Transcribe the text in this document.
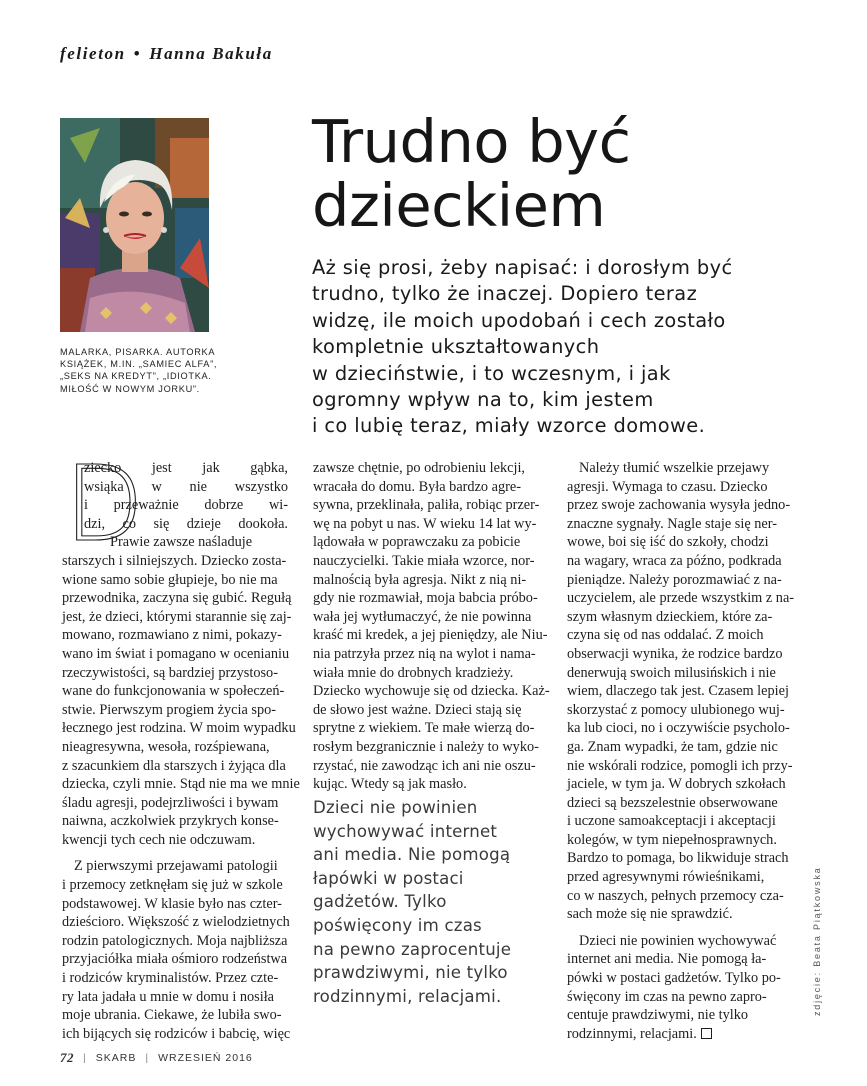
felieton • Hanna Bakuła
MALARKA, PISARKA. AUTORKA
KSIĄŻEK, M.IN. „SAMIEC ALFA”,
„SEKS NA KREDYT”, „IDIOTKA.
MIŁOŚĆ W NOWYM JORKU”.
Trudno być
dzieckiem
Aż się prosi, żeby napisać: i dorosłym być
trudno, tylko że inaczej. Dopiero teraz
widzę, ile moich upodobań i cech zostało
kompletnie ukształtowanych
w dzieciństwie, i to wczesnym, i jak
ogromny wpływ na to, kim jestem
i co lubię teraz, miały wzorce domowe.
D
ziecko jest jak gąbka,
wsiąka w nie wszystko
i przeważnie dobrze wi-
dzi, co się dzieje dookoła.
Prawie zawsze naśladuje
starszych i silniejszych. Dziecko zosta-
wione samo sobie głupieje, bo nie ma
przewodnika, zaczyna się gubić. Regułą
jest, że dzieci, którymi starannie się zaj-
mowano, rozmawiano z nimi, pokazy-
wano im świat i pomagano w ocenianiu
rzeczywistości, są bardziej przystoso-
wane do funkcjonowania w społeczeń-
stwie. Pierwszym progiem życia spo-
łecznego jest rodzina. W moim wypadku
nieagresywna, wesoła, rozśpiewana,
z szacunkiem dla starszych i żyjąca dla
dziecka, czyli mnie. Stąd nie ma we mnie
śladu agresji, podejrzliwości i bywam
naiwna, aczkolwiek przykrych konse-
kwencji tych cech nie odczuwam.
Z pierwszymi przejawami patologii
i przemocy zetknęłam się już w szkole
podstawowej. W klasie było nas czter-
dzieścioro. Większość z wielodzietnych
rodzin patologicznych. Moja najbliższa
przyjaciółka miała ośmioro rodzeństwa
i rodziców kryminalistów. Przez czte-
ry lata jadała u mnie w domu i nosiła
moje ubrania. Ciekawe, że lubiła swo-
ich bijących się rodziców i babcię, więc
zawsze chętnie, po odrobieniu lekcji,
wracała do domu. Była bardzo agre-
sywna, przeklinała, paliła, robiąc przer-
wę na pobyt u nas. W wieku 14 lat wy-
lądowała w poprawczaku za pobicie
nauczycielki. Takie miała wzorce, nor-
malnością była agresja. Nikt z nią ni-
gdy nie rozmawiał, moja babcia próbo-
wała jej wytłumaczyć, że nie powinna
kraść mi kredek, a jej pieniędzy, ale Niu-
nia patrzyła przez nią na wylot i nama-
wiała mnie do drobnych kradzieży.
Dziecko wychowuje się od dziecka. Każ-
de słowo jest ważne. Dzieci stają się
sprytne z wiekiem. Te małe wierzą do-
rosłym bezgranicznie i należy to wyko-
rzystać, nie zawodząc ich ani nie oszu-
kując. Wtedy są jak masło.
Dzieci nie powinien
wychowywać internet
ani media. Nie pomogą
łapówki w postaci
gadżetów. Tylko
poświęcony im czas
na pewno zaprocentuje
prawdziwymi, nie tylko
rodzinnymi, relacjami.
Należy tłumić wszelkie przejawy
agresji. Wymaga to czasu. Dziecko
przez swoje zachowania wysyła jedno-
znaczne sygnały. Nagle staje się ner-
wowe, boi się iść do szkoły, chodzi
na wagary, wraca za późno, podkrada
pieniądze. Należy porozmawiać z na-
uczycielem, ale przede wszystkim z na-
szym własnym dzieckiem, które za-
czyna się od nas oddalać. Z moich
obserwacji wynika, że rodzice bardzo
denerwują swoich milusińskich i nie
wiem, dlaczego tak jest. Czasem lepiej
skorzystać z pomocy ulubionego wuj-
ka lub cioci, no i oczywiście psycholo-
ga. Znam wypadki, że tam, gdzie nic
nie wskórali rodzice, pomogli ich przy-
jaciele, w tym ja. W dobrych szkołach
dzieci są bezszelestnie obserwowane
i uczone samoakceptacji i akceptacji
kolegów, w tym niepełnosprawnych.
Bardzo to pomaga, bo likwiduje strach
przed agresywnymi rówieśnikami,
co w naszych, pełnych przemocy cza-
sach może się nie sprawdzić.
Dzieci nie powinien wychowywać
internet ani media. Nie pomogą ła-
pówki w postaci gadżetów. Tylko po-
święcony im czas na pewno zapro-
centuje prawdziwymi, nie tylko
rodzinnymi, relacjami.
zdjęcie: Beata Piątkowska
72 | SKARB | WRZESIEŃ 2016
